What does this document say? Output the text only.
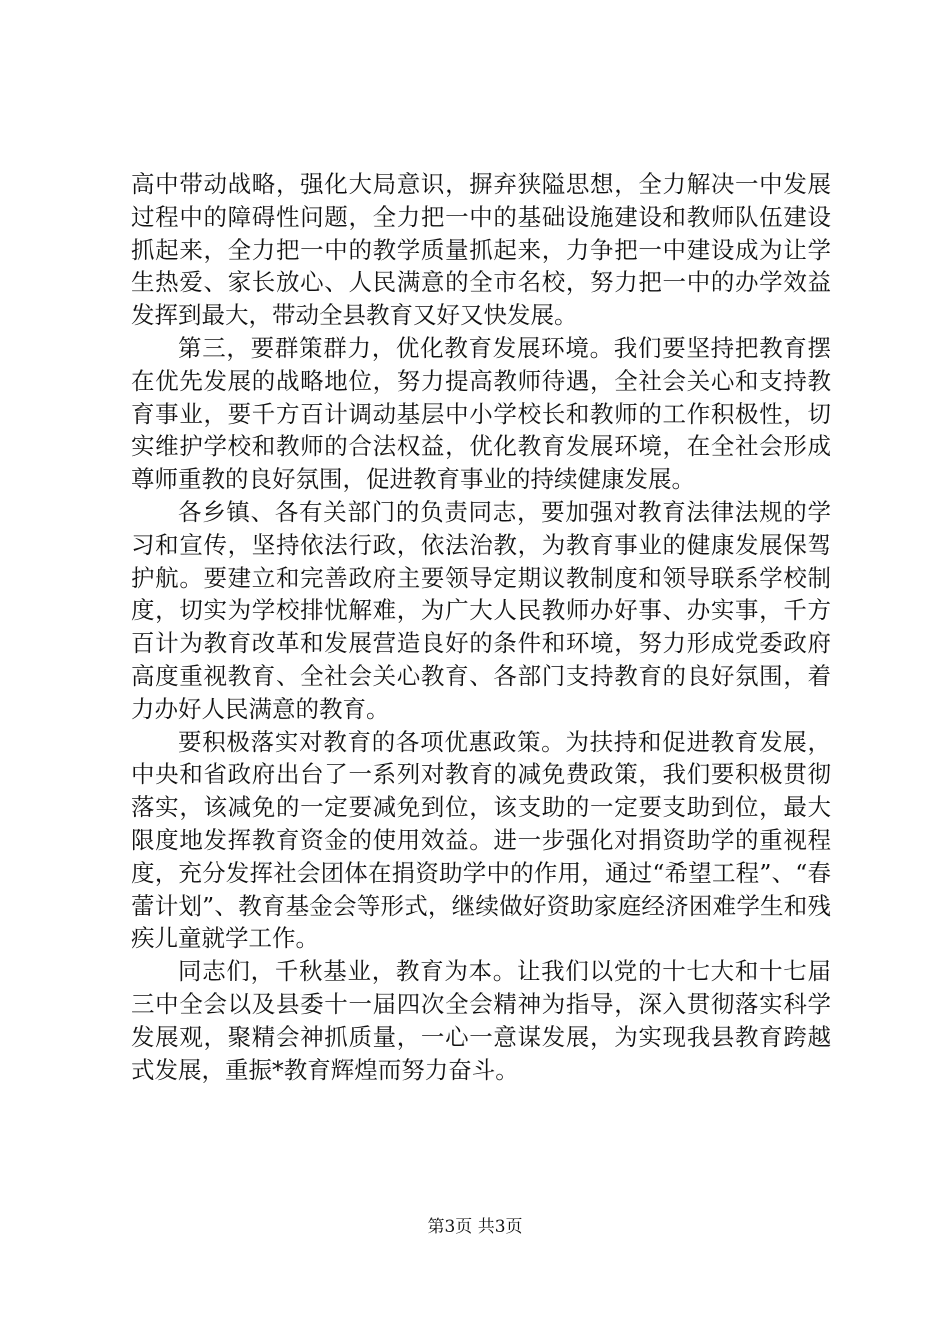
高中带动战略，强化大局意识，摒弃狭隘思想，全力解决一中发展过程中的障碍性问题，全力把一中的基础设施建设和教师队伍建设抓起来，全力把一中的教学质量抓起来，力争把一中建设成为让学生热爱、家长放心、人民满意的全市名校，努力把一中的办学效益发挥到最大，带动全县教育又好又快发展。

第三，要群策群力，优化教育发展环境。我们要坚持把教育摆在优先发展的战略地位，努力提高教师待遇，全社会关心和支持教育事业，要千方百计调动基层中小学校长和教师的工作积极性，切实维护学校和教师的合法权益，优化教育发展环境，在全社会形成尊师重教的良好氛围，促进教育事业的持续健康发展。

各乡镇、各有关部门的负责同志，要加强对教育法律法规的学习和宣传，坚持依法行政，依法治教，为教育事业的健康发展保驾护航。要建立和完善政府主要领导定期议教制度和领导联系学校制度，切实为学校排忧解难，为广大人民教师办好事、办实事，千方百计为教育改革和发展营造良好的条件和环境，努力形成党委政府高度重视教育、全社会关心教育、各部门支持教育的良好氛围，着力办好人民满意的教育。

要积极落实对教育的各项优惠政策。为扶持和促进教育发展，中央和省政府出台了一系列对教育的减免费政策，我们要积极贯彻落实，该减免的一定要减免到位，该支助的一定要支助到位，最大限度地发挥教育资金的使用效益。进一步强化对捐资助学的重视程度，充分发挥社会团体在捐资助学中的作用，通过“希望工程”、“春蕾计划”、教育基金会等形式，继续做好资助家庭经济困难学生和残疾儿童就学工作。

同志们，千秋基业，教育为本。让我们以党的十七大和十七届三中全会以及县委十一届四次全会精神为指导，深入贯彻落实科学发展观，聚精会神抓质量，一心一意谋发展，为实现我县教育跨越式发展，重振*教育辉煌而努力奋斗。

第3页 共3页
